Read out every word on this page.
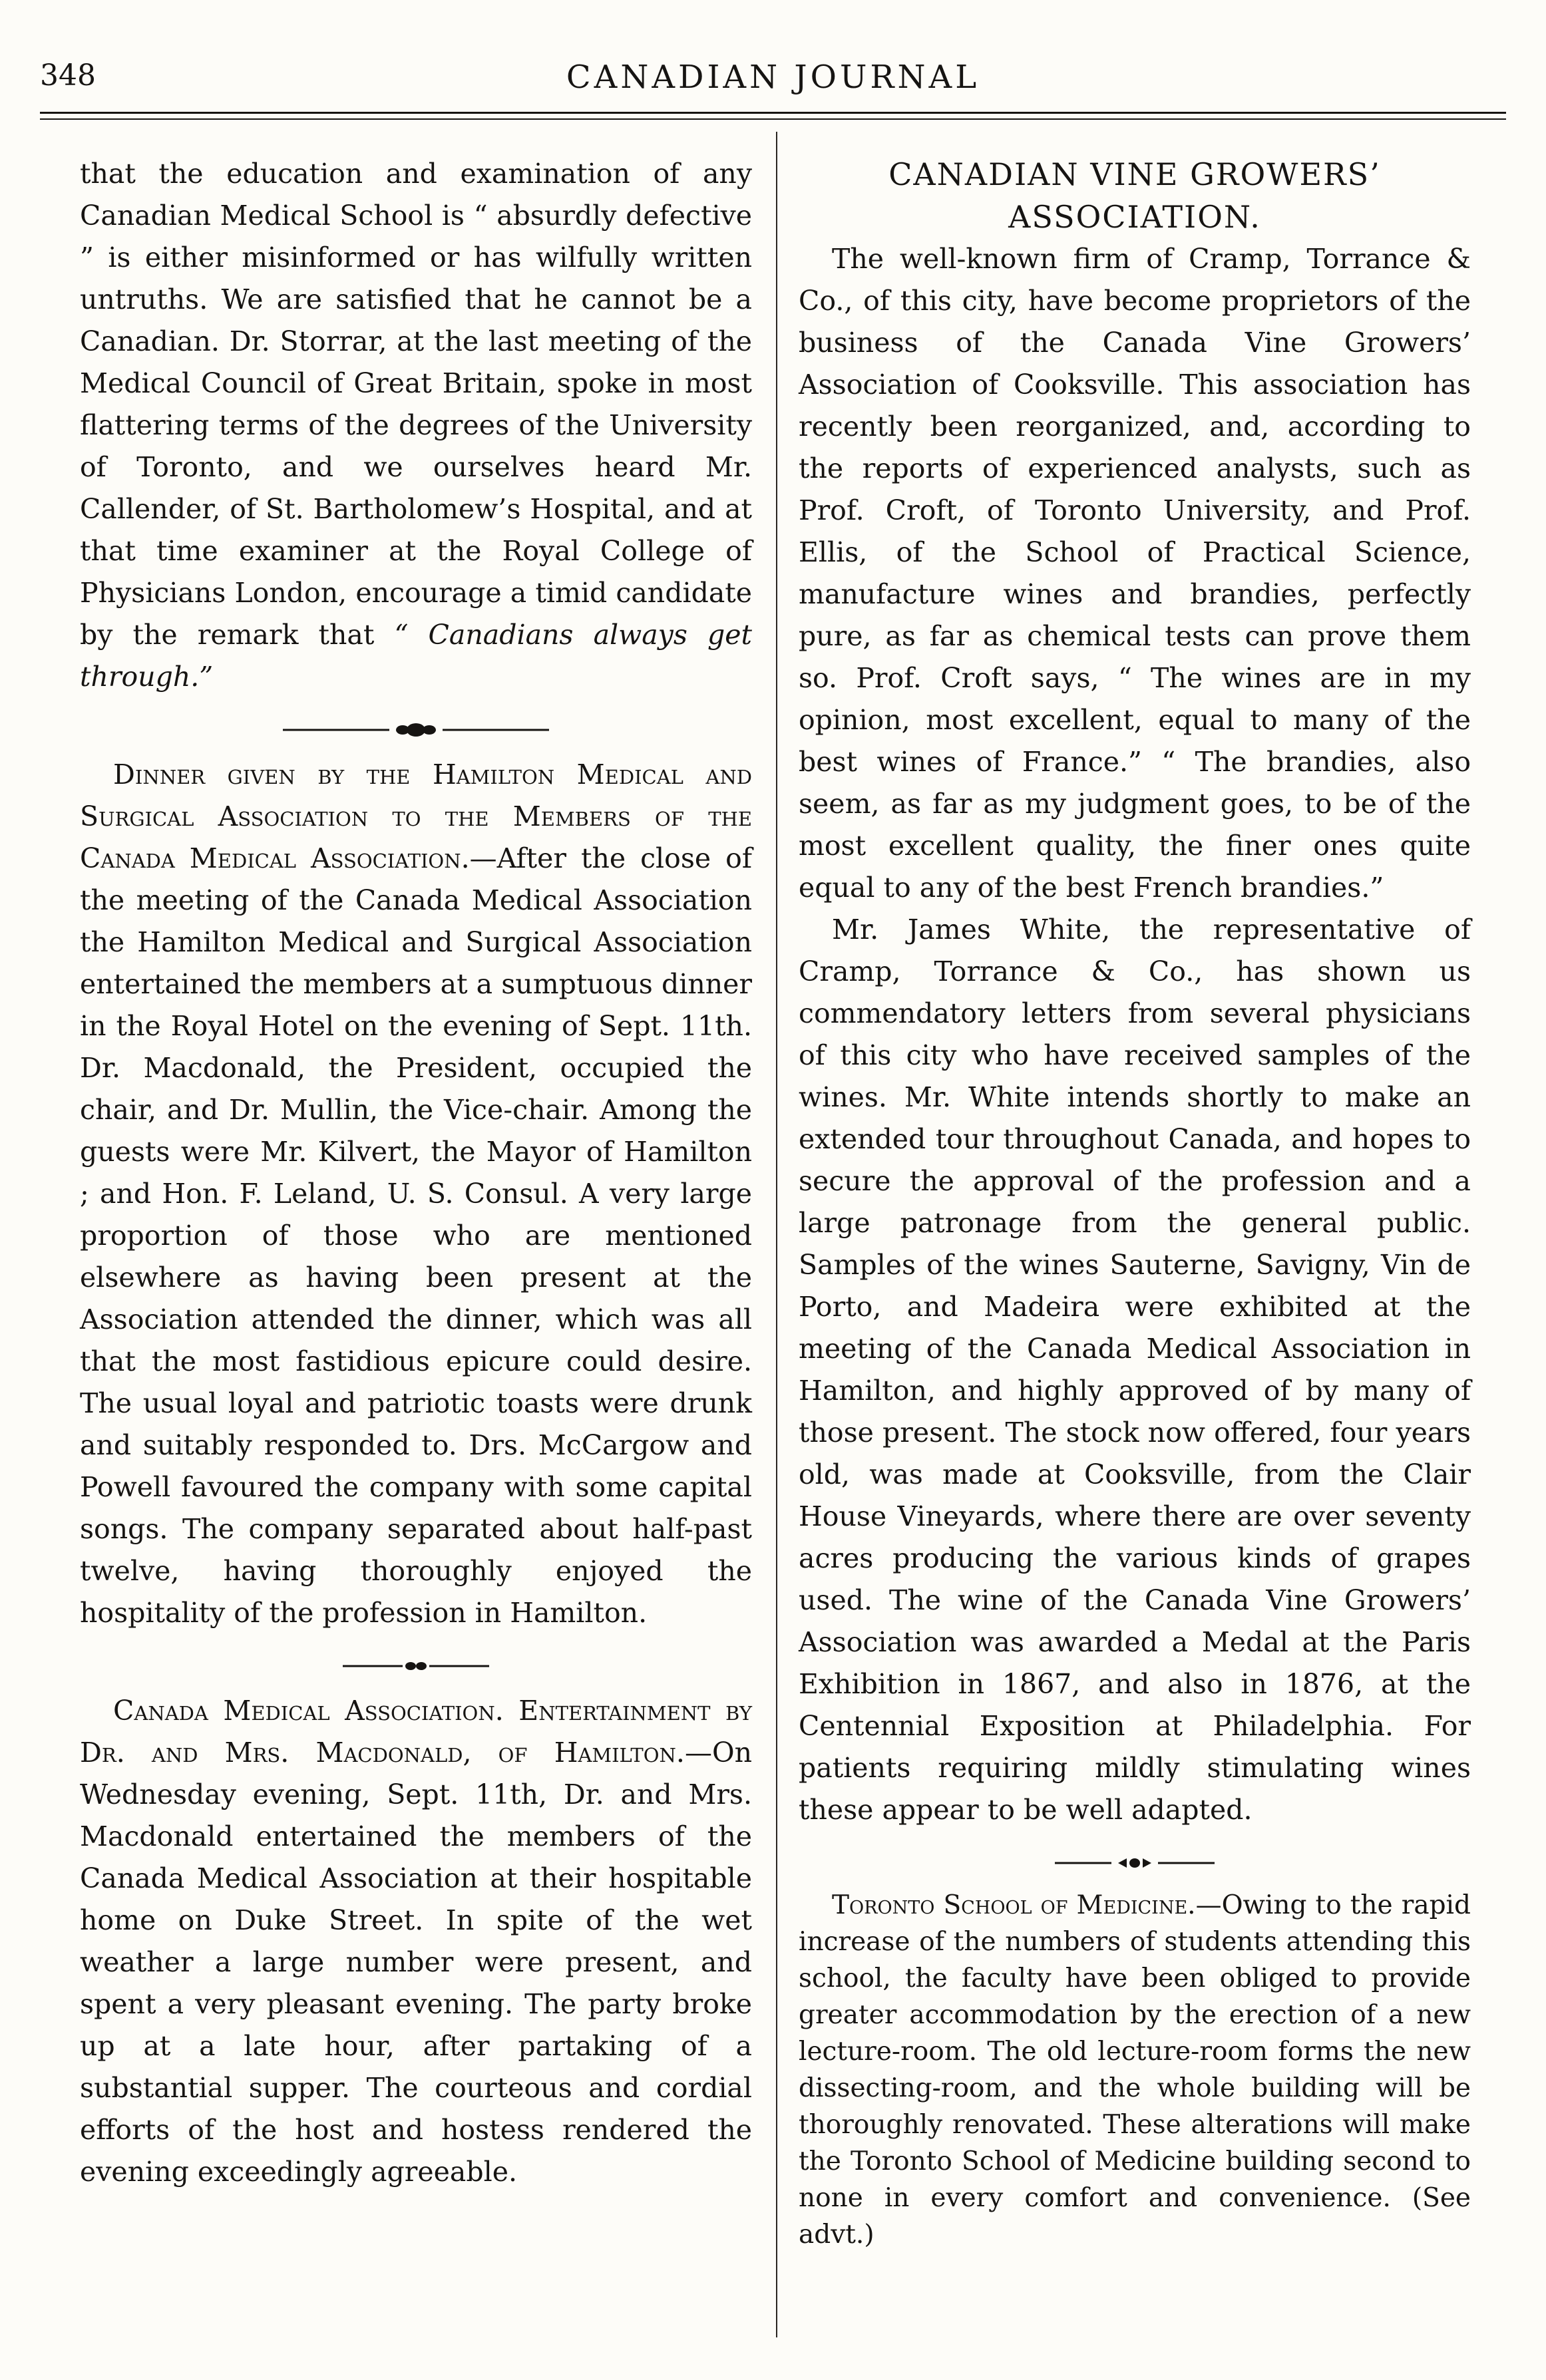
348	CANADIAN JOURNAL

that the education and examination of any Canadian Medical School is “ absurdly defective ” is either misinformed or has wilfully written untruths. We are satisfied that he cannot be a Canadian. Dr. Storrar, at the last meeting of the Medical Council of Great Britain, spoke in most flattering terms of the degrees of the University of Toronto, and we ourselves heard Mr. Callender, of St. Bartholomew’s Hospital, and at that time examiner at the Royal College of Physicians London, encourage a timid candidate by the remark that “ Canadians always get through.”

Dinner given by the Hamilton Medical and Surgical Association to the Members of the Canada Medical Association.—After the close of the meeting of the Canada Medical Association the Hamilton Medical and Surgical Association entertained the members at a sumptuous dinner in the Royal Hotel on the evening of Sept. 11th. Dr. Macdonald, the President, occupied the chair, and Dr. Mullin, the Vice-chair. Among the guests were Mr. Kilvert, the Mayor of Hamilton ; and Hon. F. Leland, U. S. Consul. A very large proportion of those who are mentioned elsewhere as having been present at the Association attended the dinner, which was all that the most fastidious epicure could desire. The usual loyal and patriotic toasts were drunk and suitably responded to. Drs. McCargow and Powell favoured the company with some capital songs. The company separated about half-past twelve, having thoroughly enjoyed the hospitality of the profession in Hamilton.

Canada Medical Association. Entertainment by Dr. and Mrs. Macdonald, of Hamilton.—On Wednesday evening, Sept. 11th, Dr. and Mrs. Macdonald entertained the members of the Canada Medical Association at their hospitable home on Duke Street. In spite of the wet weather a large number were present, and spent a very pleasant evening. The party broke up at a late hour, after partaking of a substantial supper. The courteous and cordial efforts of the host and hostess rendered the evening exceedingly agreeable.

CANADIAN VINE GROWERS’ ASSOCIATION.

The well-known firm of Cramp, Torrance & Co., of this city, have become proprietors of the business of the Canada Vine Growers’ Association of Cooksville. This association has recently been reorganized, and, according to the reports of experienced analysts, such as Prof. Croft, of Toronto University, and Prof. Ellis, of the School of Practical Science, manufacture wines and brandies, perfectly pure, as far as chemical tests can prove them so. Prof. Croft says, “ The wines are in my opinion, most excellent, equal to many of the best wines of France.” “ The brandies, also seem, as far as my judgment goes, to be of the most excellent quality, the finer ones quite equal to any of the best French brandies.”

Mr. James White, the representative of Cramp, Torrance & Co., has shown us commendatory letters from several physicians of this city who have received samples of the wines. Mr. White intends shortly to make an extended tour throughout Canada, and hopes to secure the approval of the profession and a large patronage from the general public. Samples of the wines Sauterne, Savigny, Vin de Porto, and Madeira were exhibited at the meeting of the Canada Medical Association in Hamilton, and highly approved of by many of those present. The stock now offered, four years old, was made at Cooksville, from the Clair House Vineyards, where there are over seventy acres producing the various kinds of grapes used. The wine of the Canada Vine Growers’ Association was awarded a Medal at the Paris Exhibition in 1867, and also in 1876, at the Centennial Exposition at Philadelphia. For patients requiring mildly stimulating wines these appear to be well adapted.

Toronto School of Medicine.—Owing to the rapid increase of the numbers of students attending this school, the faculty have been obliged to provide greater accommodation by the erection of a new lecture-room. The old lecture-room forms the new dissecting-room, and the whole building will be thoroughly renovated. These alterations will make the Toronto School of Medicine building second to none in every comfort and convenience. (See advt.)
